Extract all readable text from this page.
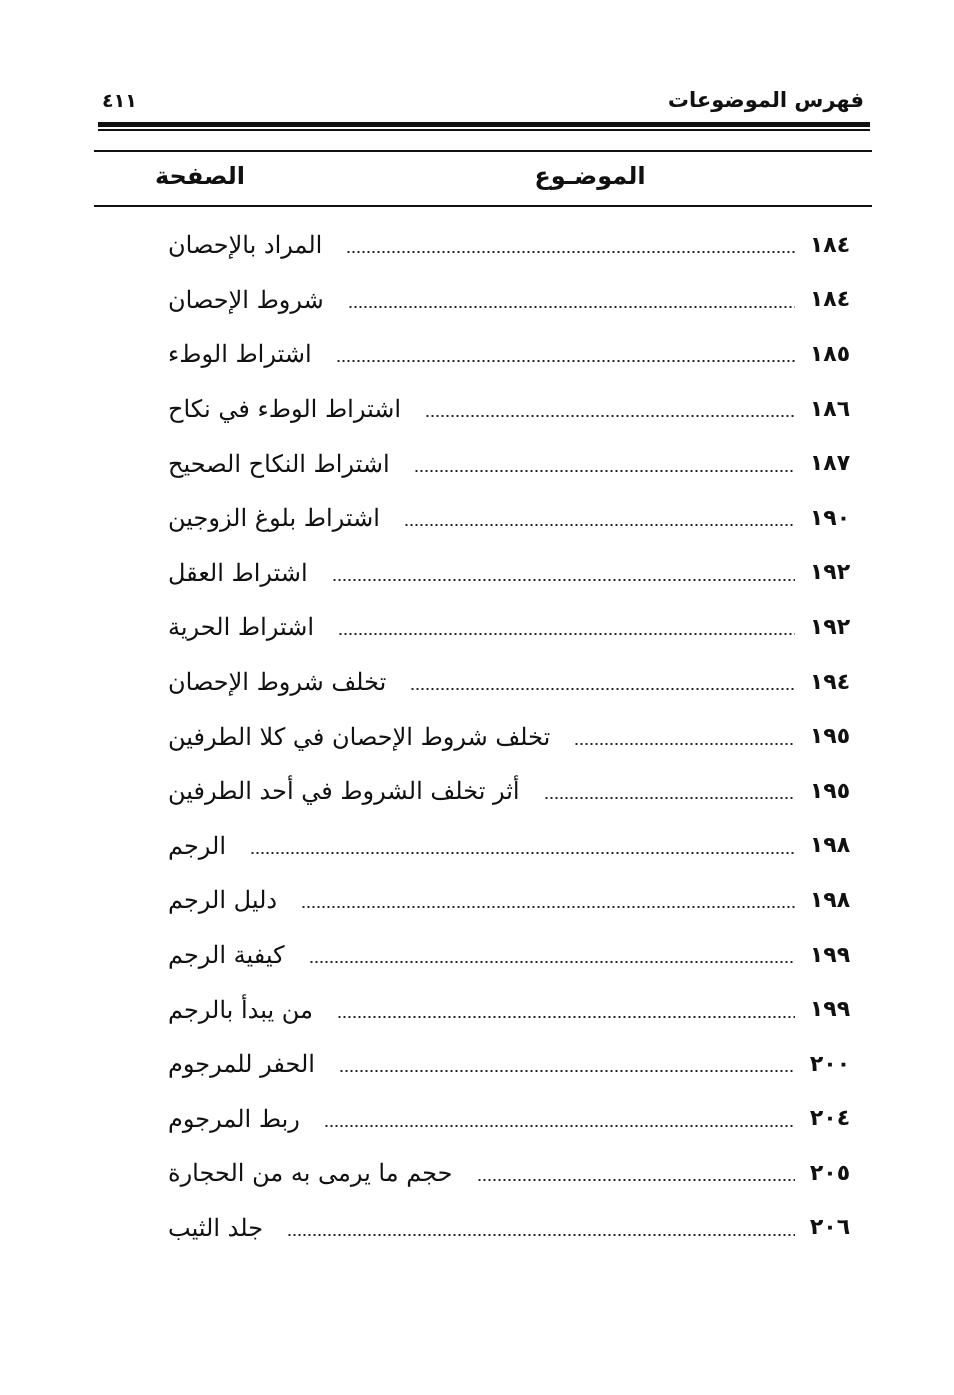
فهرس الموضوعات
٤١١
الموضـوع
الصفحة
المراد بالإحصان	١٨٤
شروط الإحصان	١٨٤
اشتراط الوطء	١٨٥
اشتراط الوطء في نكاح	١٨٦
اشتراط النكاح الصحيح	١٨٧
اشتراط بلوغ الزوجين	١٩٠
اشتراط العقل	١٩٢
اشتراط الحرية	١٩٢
تخلف شروط الإحصان	١٩٤
تخلف شروط الإحصان في كلا الطرفين	١٩٥
أثر تخلف الشروط في أحد الطرفين	١٩٥
الرجم	١٩٨
دليل الرجم	١٩٨
كيفية الرجم	١٩٩
من يبدأ بالرجم	١٩٩
الحفر للمرجوم	٢٠٠
ربط المرجوم	٢٠٤
حجم ما يرمى به من الحجارة	٢٠٥
جلد الثيب	٢٠٦
